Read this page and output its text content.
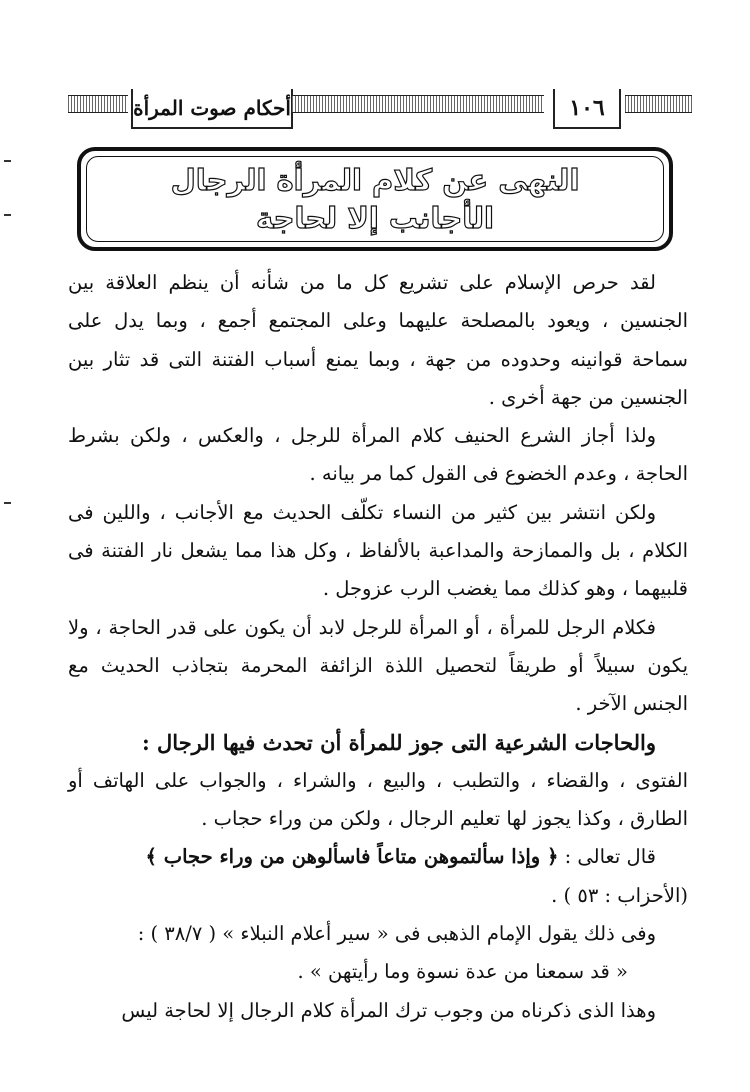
أحكام صوت المرأة	١٠٦
النهى عن كلام المرأة الرجال
الأجانب إلا لحاجة

لقد حرص الإسلام على تشريع كل ما من شأنه أن ينظم العلاقة بين الجنسين ، ويعود بالمصلحة عليهما وعلى المجتمع أجمع ، وبما يدل على سماحة قوانينه وحدوده من جهة ، وبما يمنع أسباب الفتنة التى قد تثار بين الجنسين من جهة أخرى .

ولذا أجاز الشرع الحنيف كلام المرأة للرجل ، والعكس ، ولكن بشرط الحاجة ، وعدم الخضوع فى القول كما مر بيانه .

ولكن انتشر بين كثير من النساء تكلّف الحديث مع الأجانب ، واللين فى الكلام ، بل والممازحة والمداعبة بالألفاظ ، وكل هذا مما يشعل نار الفتنة فى قلبيهما ، وهو كذلك مما يغضب الرب عزوجل .

فكلام الرجل للمرأة ، أو المرأة للرجل لابد أن يكون على قدر الحاجة ، ولا يكون سبيلاً أو طريقاً لتحصيل اللذة الزائفة المحرمة بتجاذب الحديث مع الجنس الآخر .

والحاجات الشرعية التى جوز للمرأة أن تحدث فيها الرجال :

الفتوى ، والقضاء ، والتطبب ، والبيع ، والشراء ، والجواب على الهاتف أو الطارق ، وكذا يجوز لها تعليم الرجال ، ولكن من وراء حجاب .

قال تعالى : ﴿ وإذا سألتموهن متاعاً فاسألوهن من وراء حجاب ﴾

(الأحزاب : ٥٣ ) .

وفى ذلك يقول الإمام الذهبى فى « سير أعلام النبلاء » ( ٣٨/٧ ) :

« قد سمعنا من عدة نسوة وما رأيتهن » .

وهذا الذى ذكرناه من وجوب ترك المرأة كلام الرجال إلا لحاجة ليس
